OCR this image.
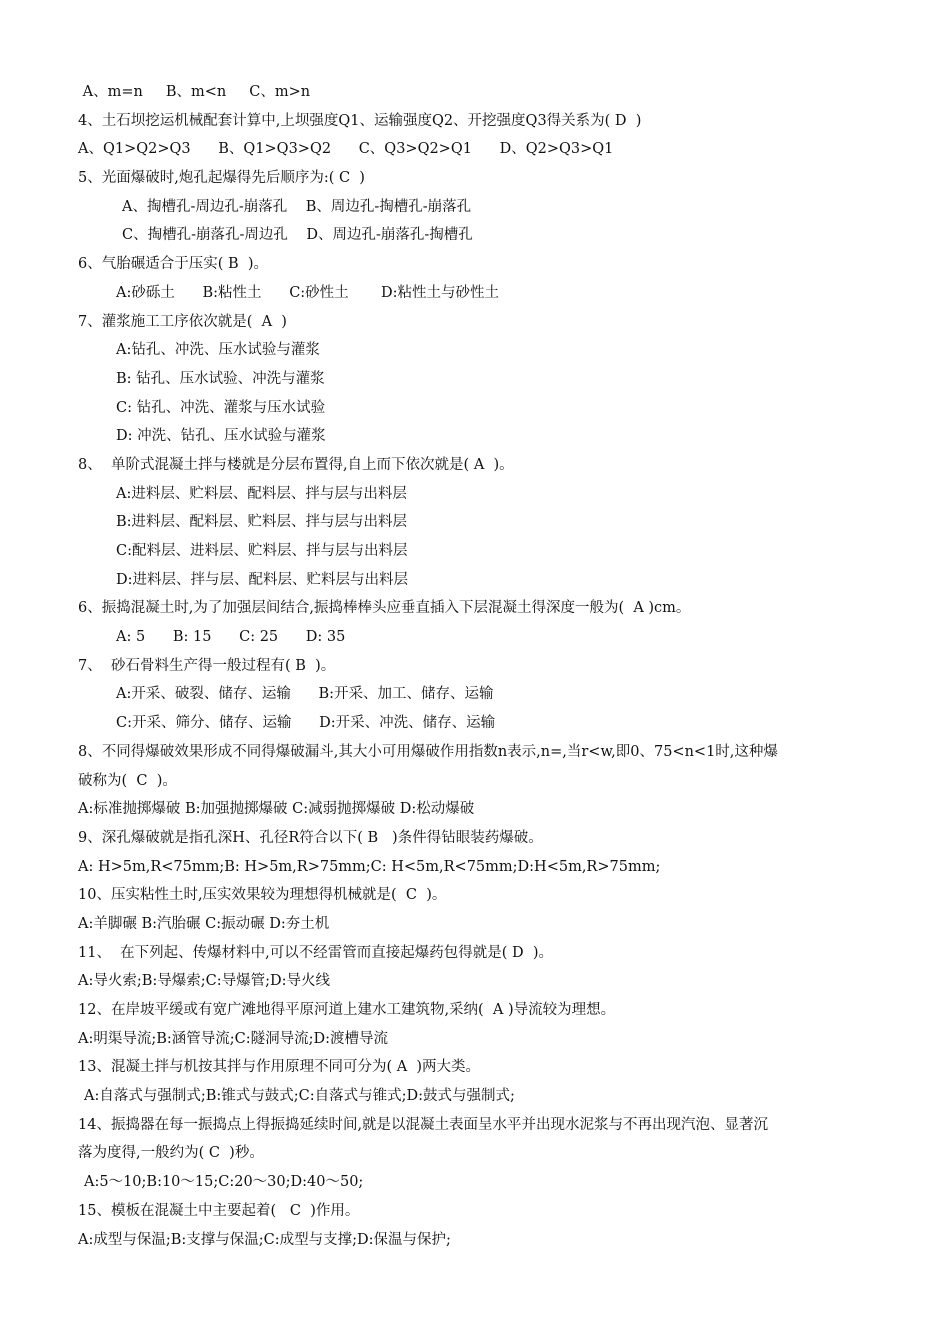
A、m=n     B、m<n     C、m>n
4、土石坝挖运机械配套计算中,上坝强度Q1、运输强度Q2、开挖强度Q3得关系为( D  )
A、Q1>Q2>Q3      B、Q1>Q3>Q2      C、Q3>Q2>Q1      D、Q2>Q3>Q1
5、光面爆破时,炮孔起爆得先后顺序为:( C  )
A、掏槽孔-周边孔-崩落孔    B、周边孔-掏槽孔-崩落孔
C、掏槽孔-崩落孔-周边孔    D、周边孔-崩落孔-掏槽孔
6、气胎碾适合于压实( B  )。
A:砂砾土      B:粘性土      C:砂性土       D:粘性土与砂性土
7、灌浆施工工序依次就是(  A  )
A:钻孔、冲洗、压水试验与灌浆
B: 钻孔、压水试验、冲洗与灌浆
C: 钻孔、冲洗、灌浆与压水试验
D: 冲洗、钻孔、压水试验与灌浆
8、  单阶式混凝土拌与楼就是分层布置得,自上而下依次就是( A  )。
A:进料层、贮料层、配料层、拌与层与出料层
B:进料层、配料层、贮料层、拌与层与出料层
C:配料层、进料层、贮料层、拌与层与出料层
D:进料层、拌与层、配料层、贮料层与出料层
6、振捣混凝土时,为了加强层间结合,振捣棒棒头应垂直插入下层混凝土得深度一般为(  A )cm。
A: 5      B: 15      C: 25      D: 35
7、  砂石骨料生产得一般过程有( B  )。
A:开采、破裂、储存、运输      B:开采、加工、储存、运输
C:开采、筛分、储存、运输      D:开采、冲洗、储存、运输
8、不同得爆破效果形成不同得爆破漏斗,其大小可用爆破作用指数n表示,n=,当r<w,即0、75<n<1时,这种爆
破称为(  C  )。
A:标准抛掷爆破 B:加强抛掷爆破 C:减弱抛掷爆破 D:松动爆破
9、深孔爆破就是指孔深H、孔径R符合以下( B   )条件得钻眼装药爆破。
A: H>5m,R<75mm;B: H>5m,R>75mm;C: H<5m,R<75mm;D:H<5m,R>75mm;
10、压实粘性土时,压实效果较为理想得机械就是(  C  )。
A:羊脚碾 B:汽胎碾 C:振动碾 D:夯土机
11、  在下列起、传爆材料中,可以不经雷管而直接起爆药包得就是( D  )。
A:导火索;B:导爆索;C:导爆管;D:导火线
12、在岸坡平缓或有宽广滩地得平原河道上建水工建筑物,采纳(  A )导流较为理想。
A:明渠导流;B:涵管导流;C:隧洞导流;D:渡槽导流
13、混凝土拌与机按其拌与作用原理不同可分为( A  )两大类。
A:自落式与强制式;B:锥式与鼓式;C:自落式与锥式;D:鼓式与强制式;
14、振捣器在每一振捣点上得振捣延续时间,就是以混凝土表面呈水平并出现水泥浆与不再出现汽泡、显著沉
落为度得,一般约为( C  )秒。
A:5～10;B:10～15;C:20～30;D:40～50;
15、模板在混凝土中主要起着(   C  )作用。
A:成型与保温;B:支撑与保温;C:成型与支撑;D:保温与保护;
